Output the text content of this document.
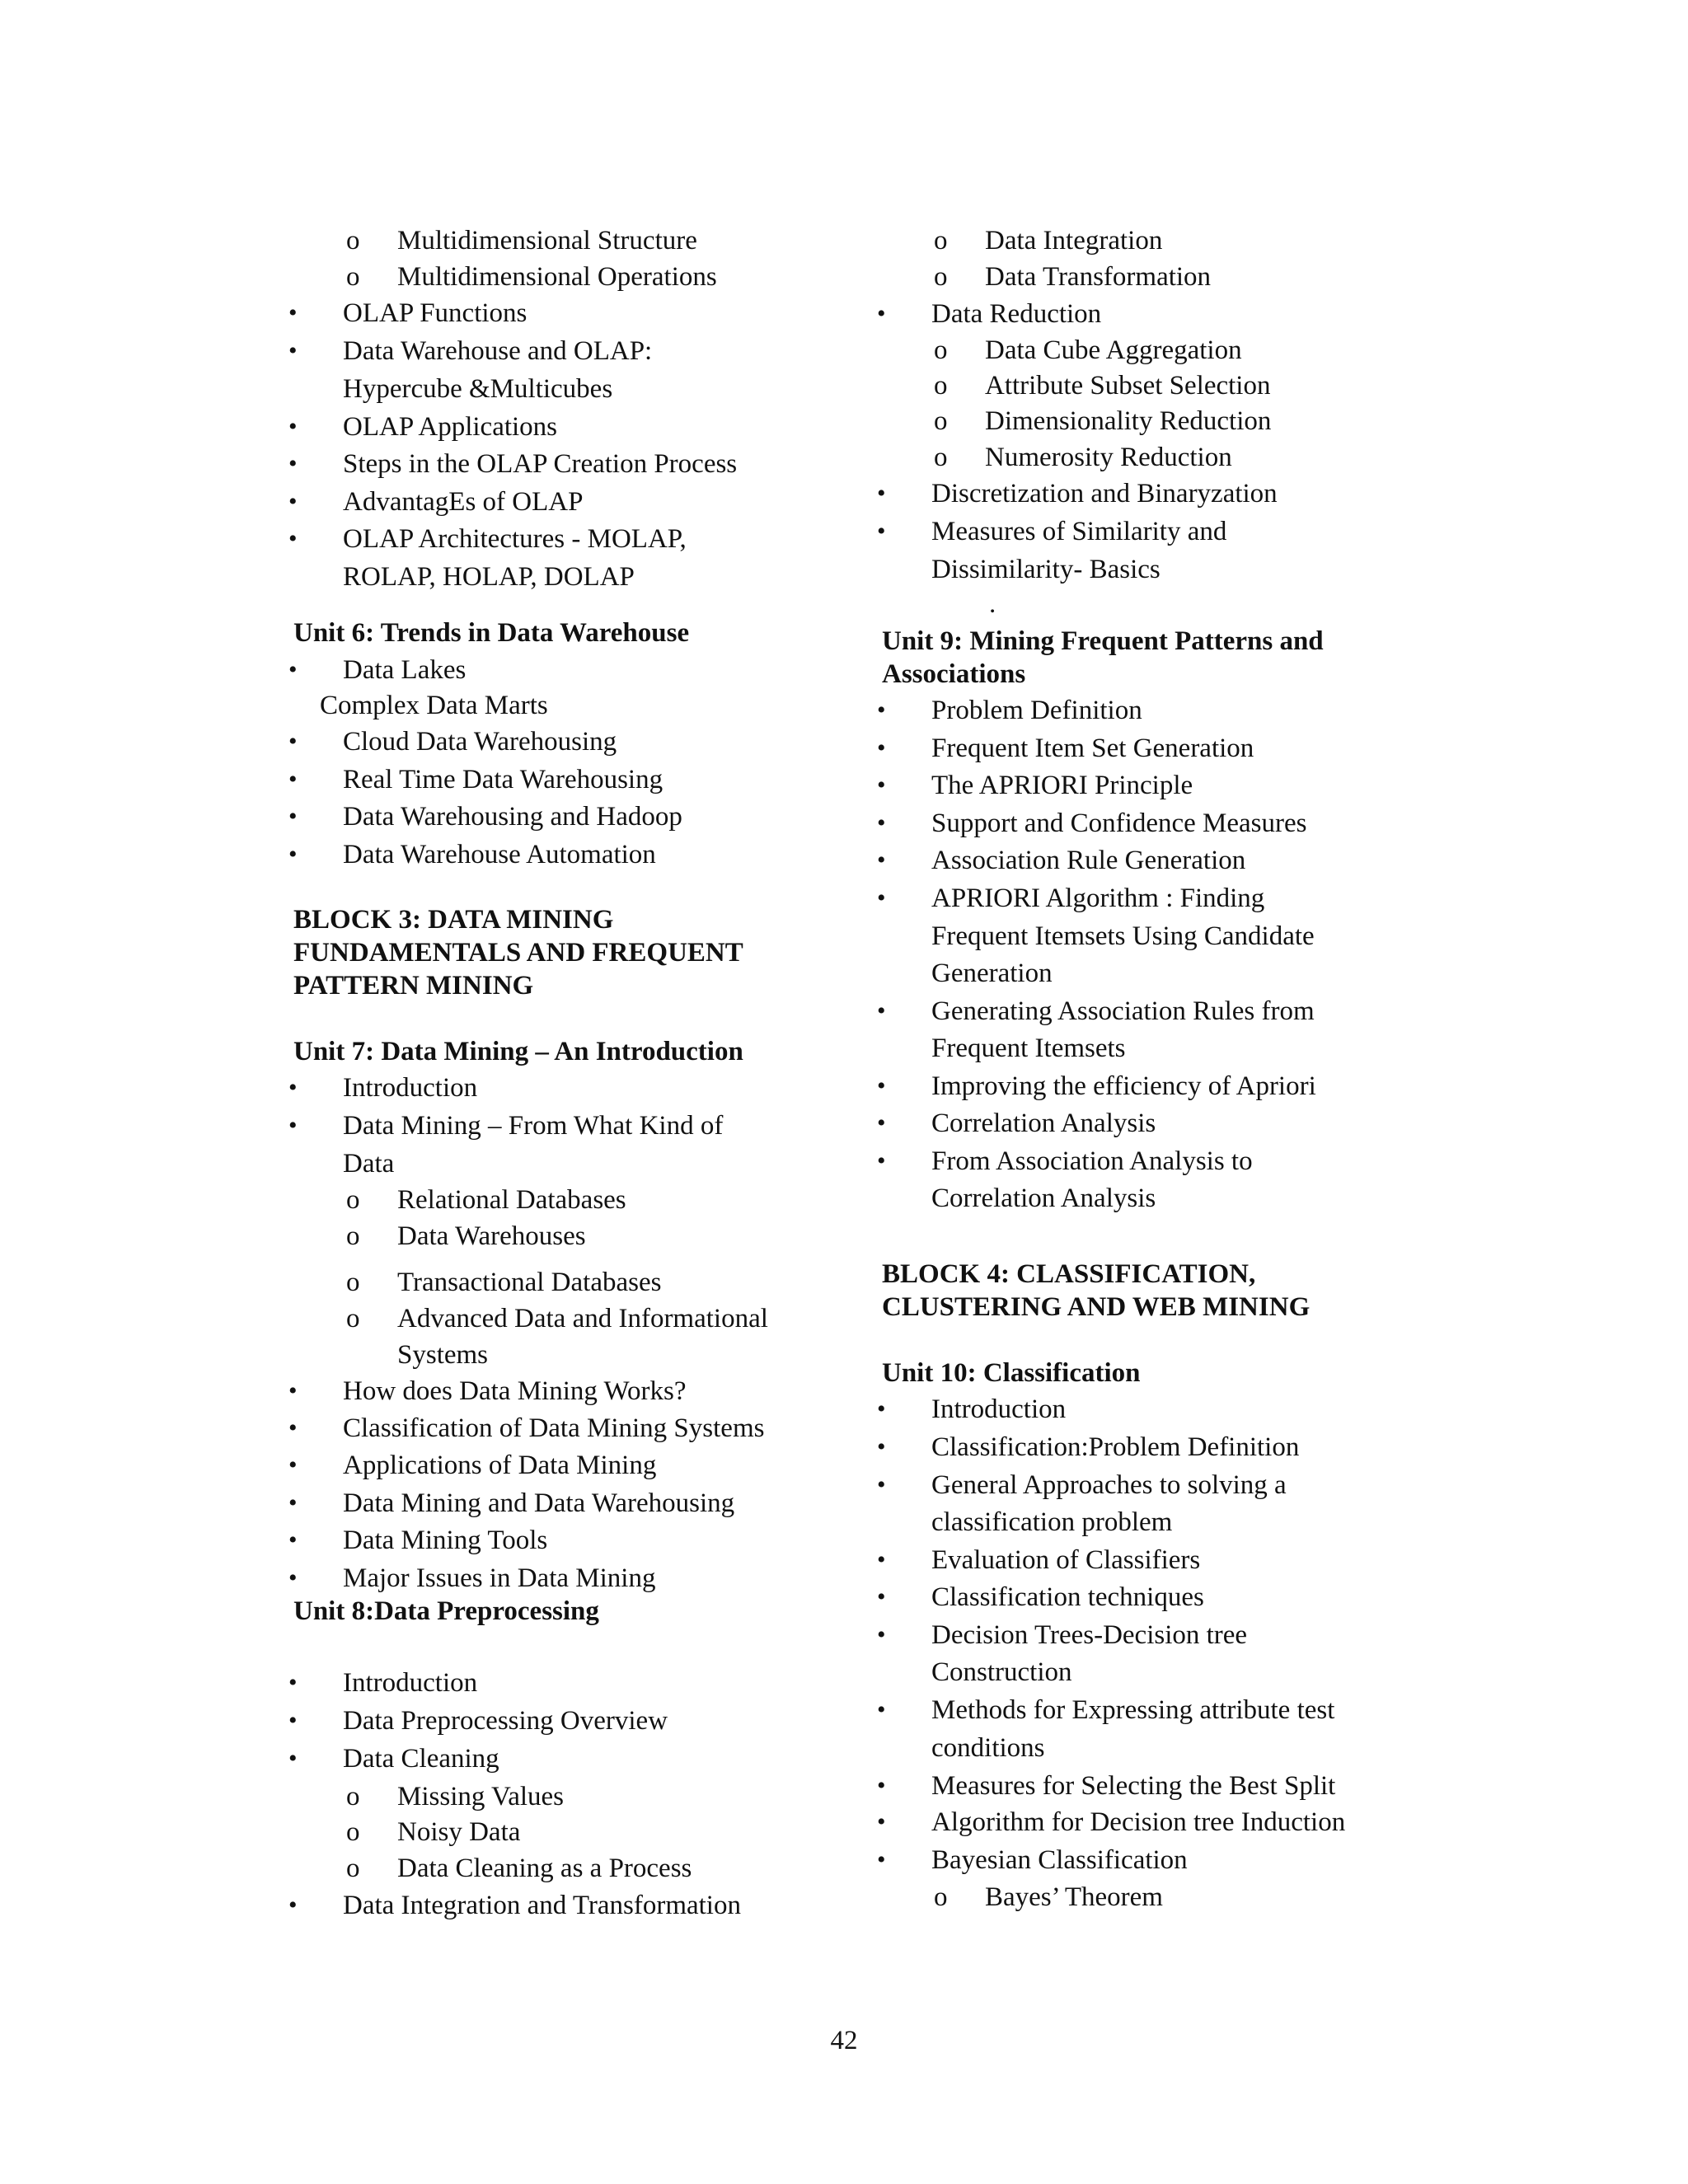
o Multidimensional Structure
o Multidimensional Operations
• OLAP Functions
• Data Warehouse and OLAP:
Hypercube &Multicubes
• OLAP Applications
• Steps in the OLAP Creation Process
• AdvantagEs of OLAP
• OLAP Architectures - MOLAP,
ROLAP, HOLAP, DOLAP
Unit 6: Trends in Data Warehouse
• Data Lakes
Complex Data Marts
• Cloud Data Warehousing
• Real Time Data Warehousing
• Data Warehousing and Hadoop
• Data Warehouse Automation
BLOCK 3: DATA MINING
FUNDAMENTALS AND FREQUENT
PATTERN MINING
Unit 7: Data Mining – An Introduction
• Introduction
• Data Mining – From What Kind of
Data
o Relational Databases
o Data Warehouses
o Transactional Databases
o Advanced Data and Informational
Systems
• How does Data Mining Works?
• Classification of Data Mining Systems
• Applications of Data Mining
• Data Mining and Data Warehousing
• Data Mining Tools
• Major Issues in Data Mining
Unit 8:Data Preprocessing
• Introduction
• Data Preprocessing Overview
• Data Cleaning
o Missing Values
o Noisy Data
o Data Cleaning as a Process
• Data Integration and Transformation
o Data Integration
o Data Transformation
• Data Reduction
o Data Cube Aggregation
o Attribute Subset Selection
o Dimensionality Reduction
o Numerosity Reduction
• Discretization and Binaryzation
• Measures of Similarity and
Dissimilarity- Basics
.
Unit 9: Mining Frequent Patterns and
Associations
• Problem Definition
• Frequent Item Set Generation
• The APRIORI Principle
• Support and Confidence Measures
• Association Rule Generation
• APRIORI Algorithm : Finding
Frequent Itemsets Using Candidate
Generation
• Generating Association Rules from
Frequent Itemsets
• Improving the efficiency of Apriori
• Correlation Analysis
• From Association Analysis to
Correlation Analysis
BLOCK 4: CLASSIFICATION,
CLUSTERING AND WEB MINING
Unit 10: Classification
• Introduction
• Classification:Problem Definition
• General Approaches to solving a
classification problem
• Evaluation of Classifiers
• Classification techniques
• Decision Trees-Decision tree
Construction
• Methods for Expressing attribute test
conditions
• Measures for Selecting the Best Split
• Algorithm for Decision tree Induction
• Bayesian Classification
o Bayes’ Theorem
42
